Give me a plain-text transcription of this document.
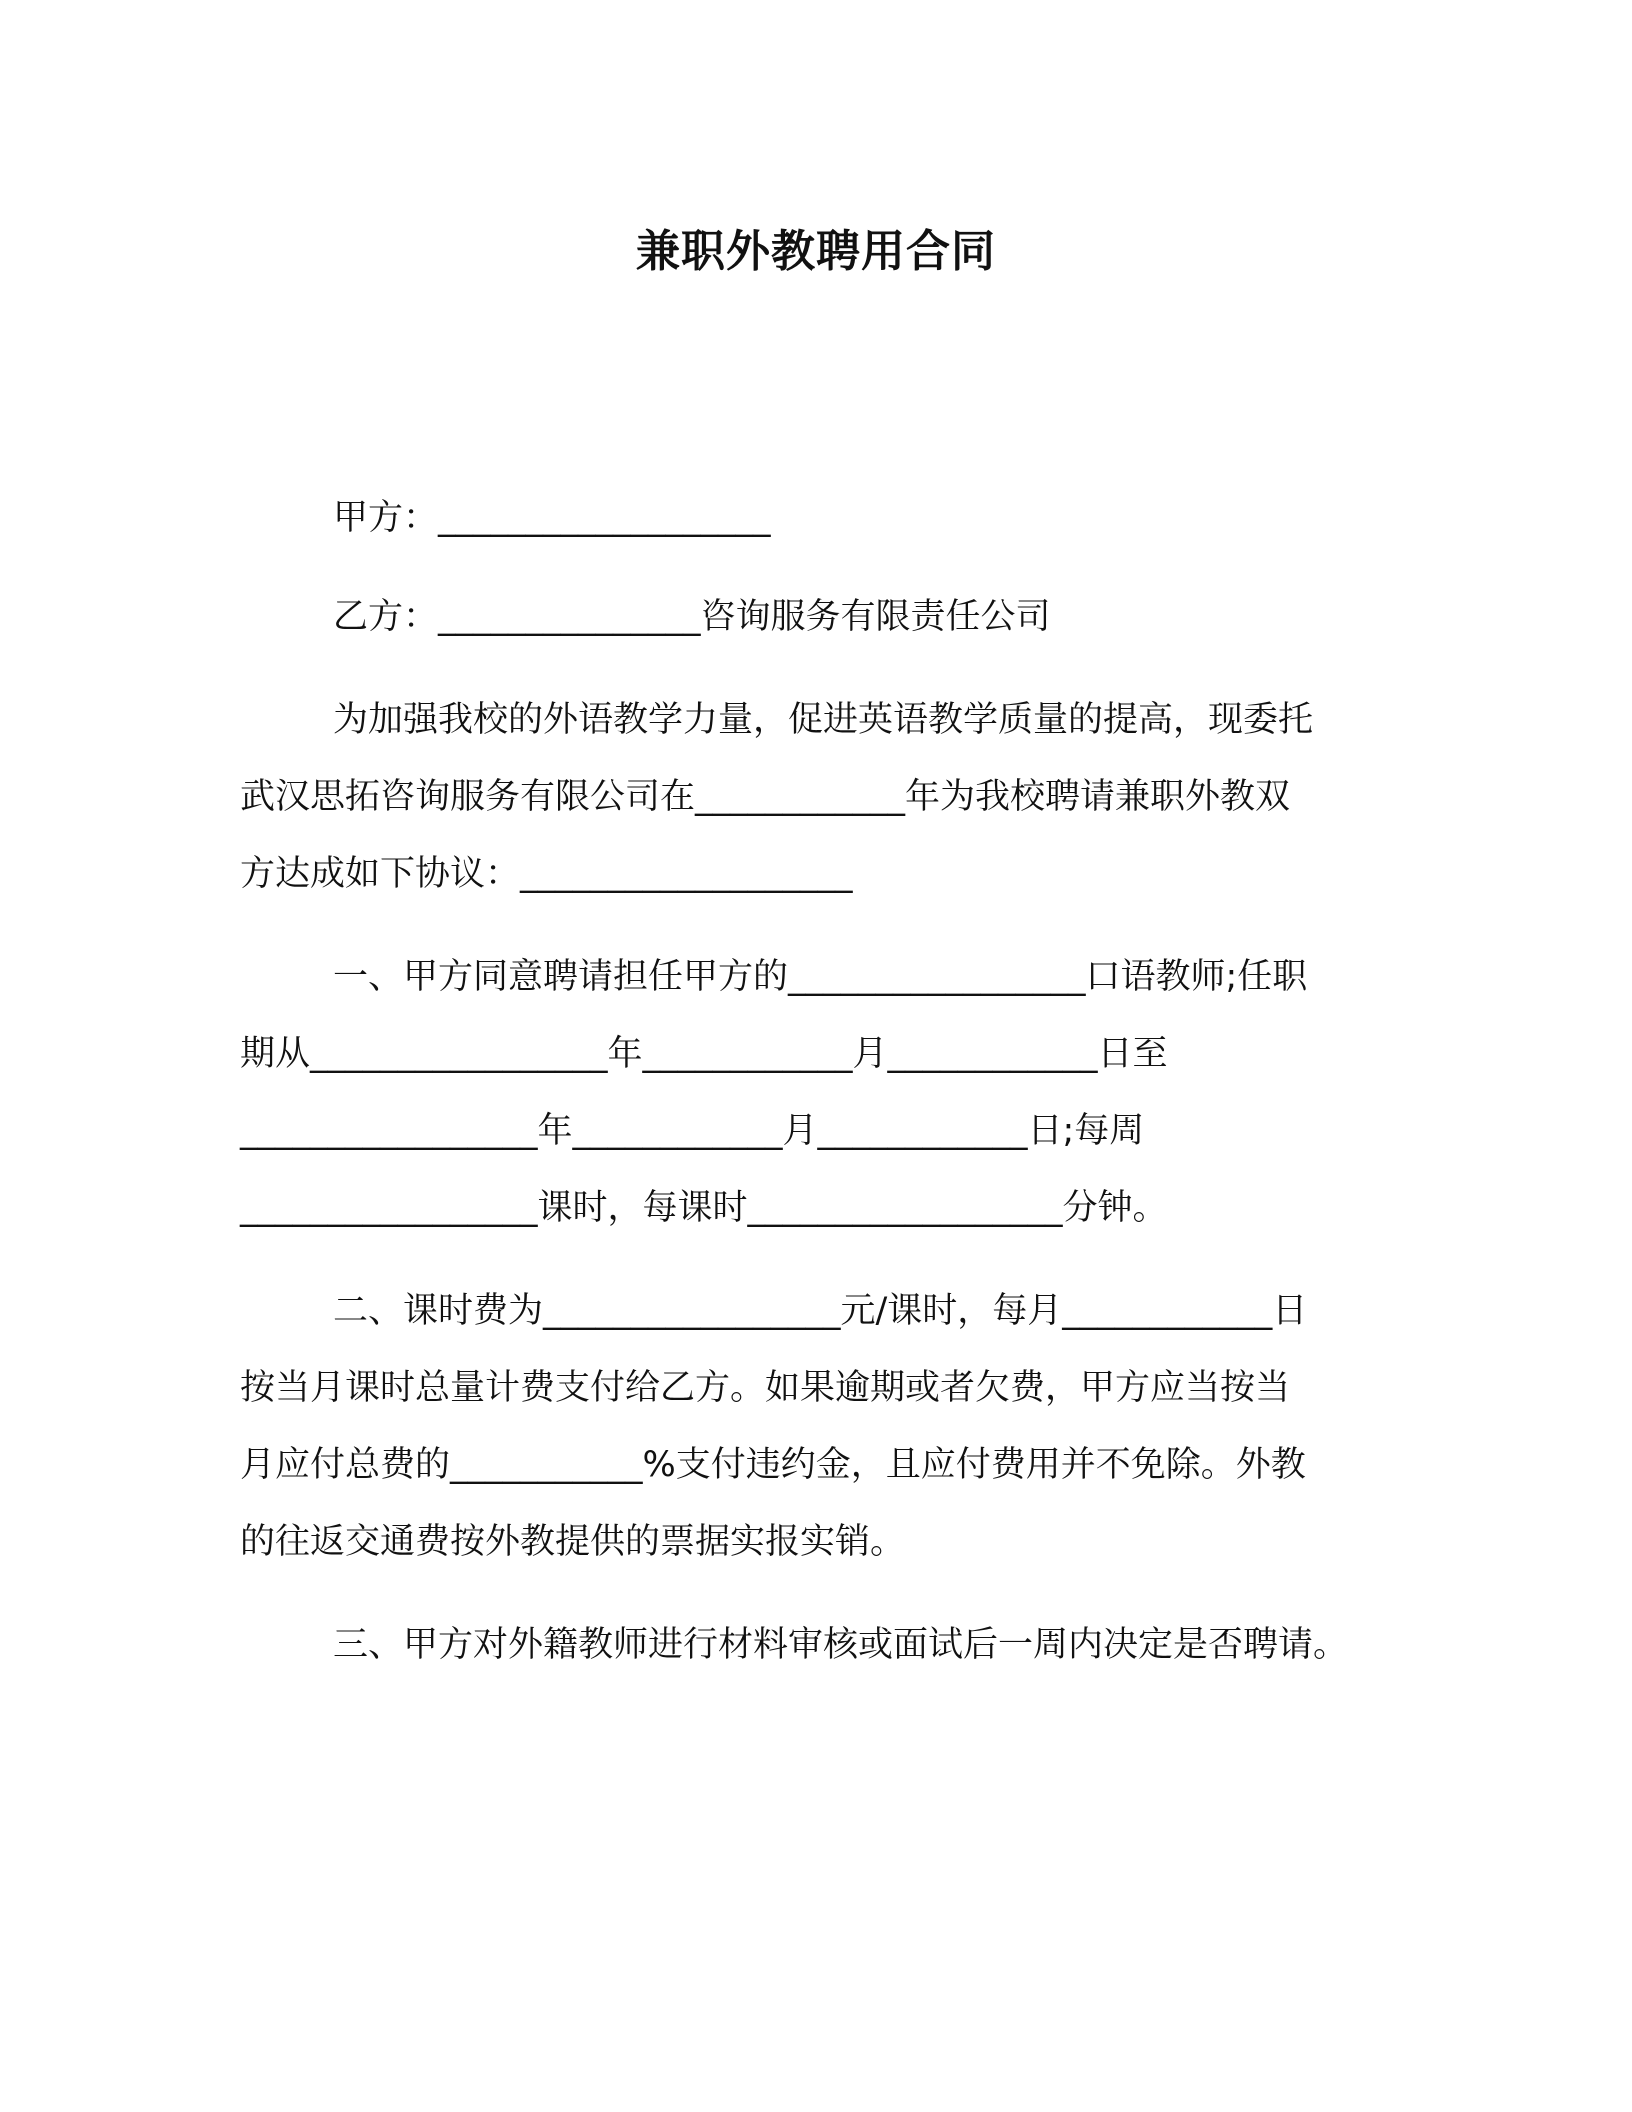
兼职外教聘用合同

甲方：___________________

乙方：_______________咨询服务有限责任公司

为加强我校的外语教学力量，促进英语教学质量的提高，现委托

武汉思拓咨询服务有限公司在____________年为我校聘请兼职外教双

方达成如下协议：___________________

一、甲方同意聘请担任甲方的_________________口语教师;任职

期从_________________年____________月____________日至

_________________年____________月____________日;每周

_________________课时，每课时__________________分钟。

二、课时费为_________________元/课时，每月____________日

按当月课时总量计费支付给乙方。如果逾期或者欠费，甲方应当按当

月应付总费的___________%支付违约金，且应付费用并不免除。外教

的往返交通费按外教提供的票据实报实销。

三、甲方对外籍教师进行材料审核或面试后一周内决定是否聘请。
